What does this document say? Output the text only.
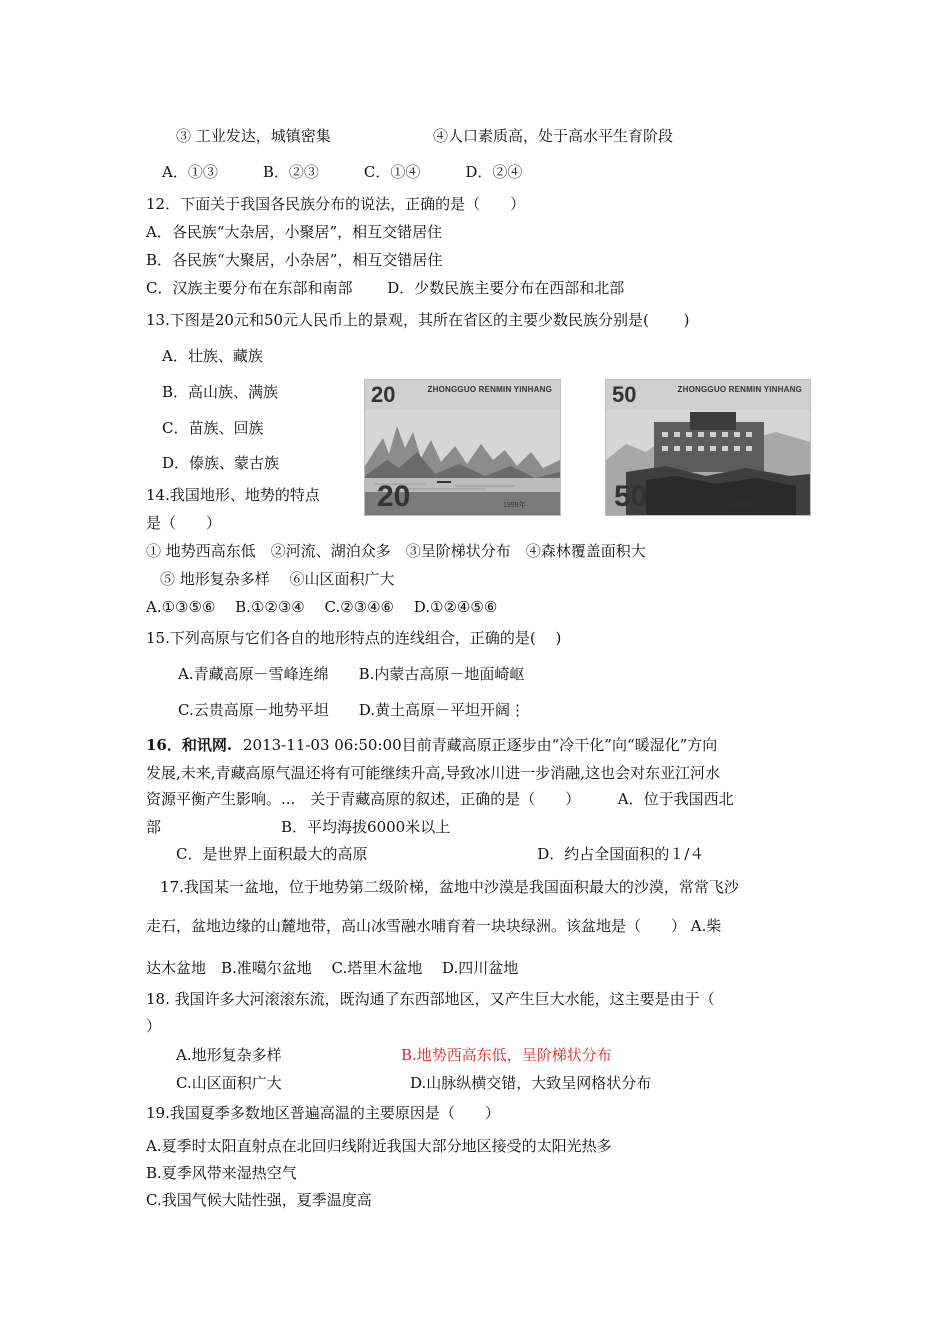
③ 工业发达，城镇密集	④人口素质高，处于高水平生育阶段
A．①③　　　B．②③　　　C．①④　　　D．②④
12．下面关于我国各民族分布的说法，正确的是（　　）
A．各民族“大杂居，小聚居”，相互交错居住
B．各民族“大聚居，小杂居”，相互交错居住
C．汉族主要分布在东部和南部　　 D．少数民族主要分布在西部和北部
13.下图是20元和50元人民币上的景观，其所在省区的主要少数民族分别是(　　 )
A．壮族、藏族
B．高山族、满族
C．苗族、回族
D．傣族、蒙古族
20	ZHONGGUO RENMIN YINHANG
20	1999年
50	ZHONGGUO RENMIN YINHANG
50	1999年
14.我国地形、地势的特点
是（　　）
① 地势西高东低　②河流、湖泊众多　③呈阶梯状分布　④森林覆盖面积大
⑤ 地形复杂多样　 ⑥山区面积广大
A.①③⑤⑥　 B.①②③④　 C.②③④⑥　 D.①②④⑤⑥
15.下列高原与它们各自的地形特点的连线组合，正确的是(　 )
A.青藏高原－雪峰连绵　　B.内蒙古高原－地面崎岖
C.云贵高原－地势平坦　　D.黄土高原－平坦开阔⋮
16．和讯网. 2013-11-03 06:50:00目前青藏高原正逐步由“冷干化”向“暖湿化”方向
发展,未来,青藏高原气温还将有可能继续升高,导致冰川进一步消融,这也会对东亚江河水
资源平衡产生影响。...　关于青藏高原的叙述，正确的是（　　）　　　A．位于我国西北
部　　　　　　　　B．平均海拔6000米以上
C．是世界上面积最大的高原　　　　　　　　　　　 D．约占全国面积的１/４
17.我国某一盆地，位于地势第二级阶梯，盆地中沙漠是我国面积最大的沙漠，常常飞沙
走石，盆地边缘的山麓地带，高山冰雪融水哺育着一块块绿洲。该盆地是（　　） A.柴
达木盆地　B.准噶尔盆地　 C.塔里木盆地　 D.四川盆地
18. 我国许多大河滚滚东流，既沟通了东西部地区，又产生巨大水能，这主要是由于（
）
A.地形复杂多样	B.地势西高东低，呈阶梯状分布
C.山区面积广大	D.山脉纵横交错，大致呈网格状分布
19.我国夏季多数地区普遍高温的主要原因是（　　）
A.夏季时太阳直射点在北回归线附近我国大部分地区接受的太阳光热多
B.夏季风带来湿热空气
C.我国气候大陆性强，夏季温度高
